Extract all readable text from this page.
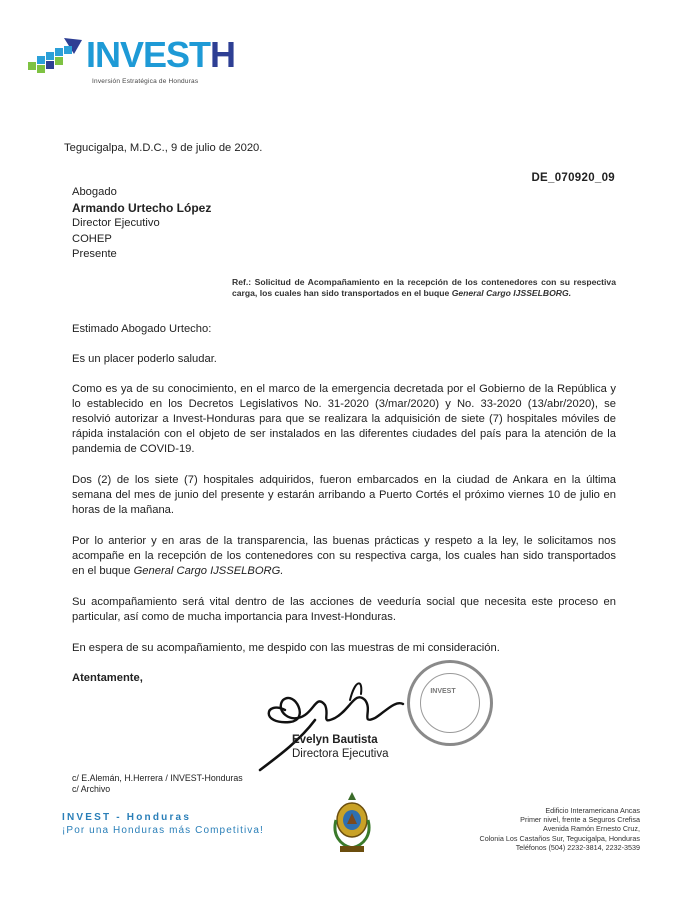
INVESTH
Inversión Estratégica de Honduras
Tegucigalpa, M.D.C., 9 de julio de 2020.
DE_070920_09
Abogado
Armando Urtecho López
Director Ejecutivo
COHEP
Presente
Ref.: Solicitud de Acompañamiento en la recepción de los contenedores con su respectiva carga, los cuales han sido transportados en el buque General Cargo IJSSELBORG.
Estimado Abogado Urtecho:
Es un placer poderlo saludar.
Como es ya de su conocimiento, en el marco de la emergencia decretada por el Gobierno de la República y lo establecido en los Decretos Legislativos No. 31-2020 (3/mar/2020) y No. 33-2020 (13/abr/2020), se resolvió autorizar a Invest-Honduras para que se realizara la adquisición de siete (7) hospitales móviles de rápida instalación con el objeto de ser instalados en las diferentes ciudades del país para la atención de la pandemia de COVID-19.
Dos (2) de los siete (7) hospitales adquiridos, fueron embarcados en la ciudad de Ankara en la última semana del mes de junio del presente y estarán arribando a Puerto Cortés el próximo viernes 10 de julio en horas de la mañana.
Por lo anterior y en aras de la transparencia, las buenas prácticas y respeto a la ley, le solicitamos nos acompañe en la recepción de los contenedores con su respectiva carga, los cuales han sido transportados en el buque General Cargo IJSSELBORG.
Su acompañamiento será vital dentro de las acciones de veeduría social que necesita este proceso en particular, así como de mucha importancia para Invest-Honduras.
En espera de su acompañamiento, me despido con las muestras de mi consideración.
Atentamente,
INVEST
Evelyn Bautista
Directora Ejecutiva
c/ E.Alemán, H.Herrera / INVEST-Honduras
c/ Archivo
INVEST - Honduras
¡Por una Honduras más Competitiva!
Edificio Interamericana Ancas
Primer nivel, frente a Seguros Crefisa
Avenida Ramón Ernesto Cruz,
Colonia Los Castaños Sur, Tegucigalpa, Honduras
Teléfonos (504) 2232-3814, 2232-3539
